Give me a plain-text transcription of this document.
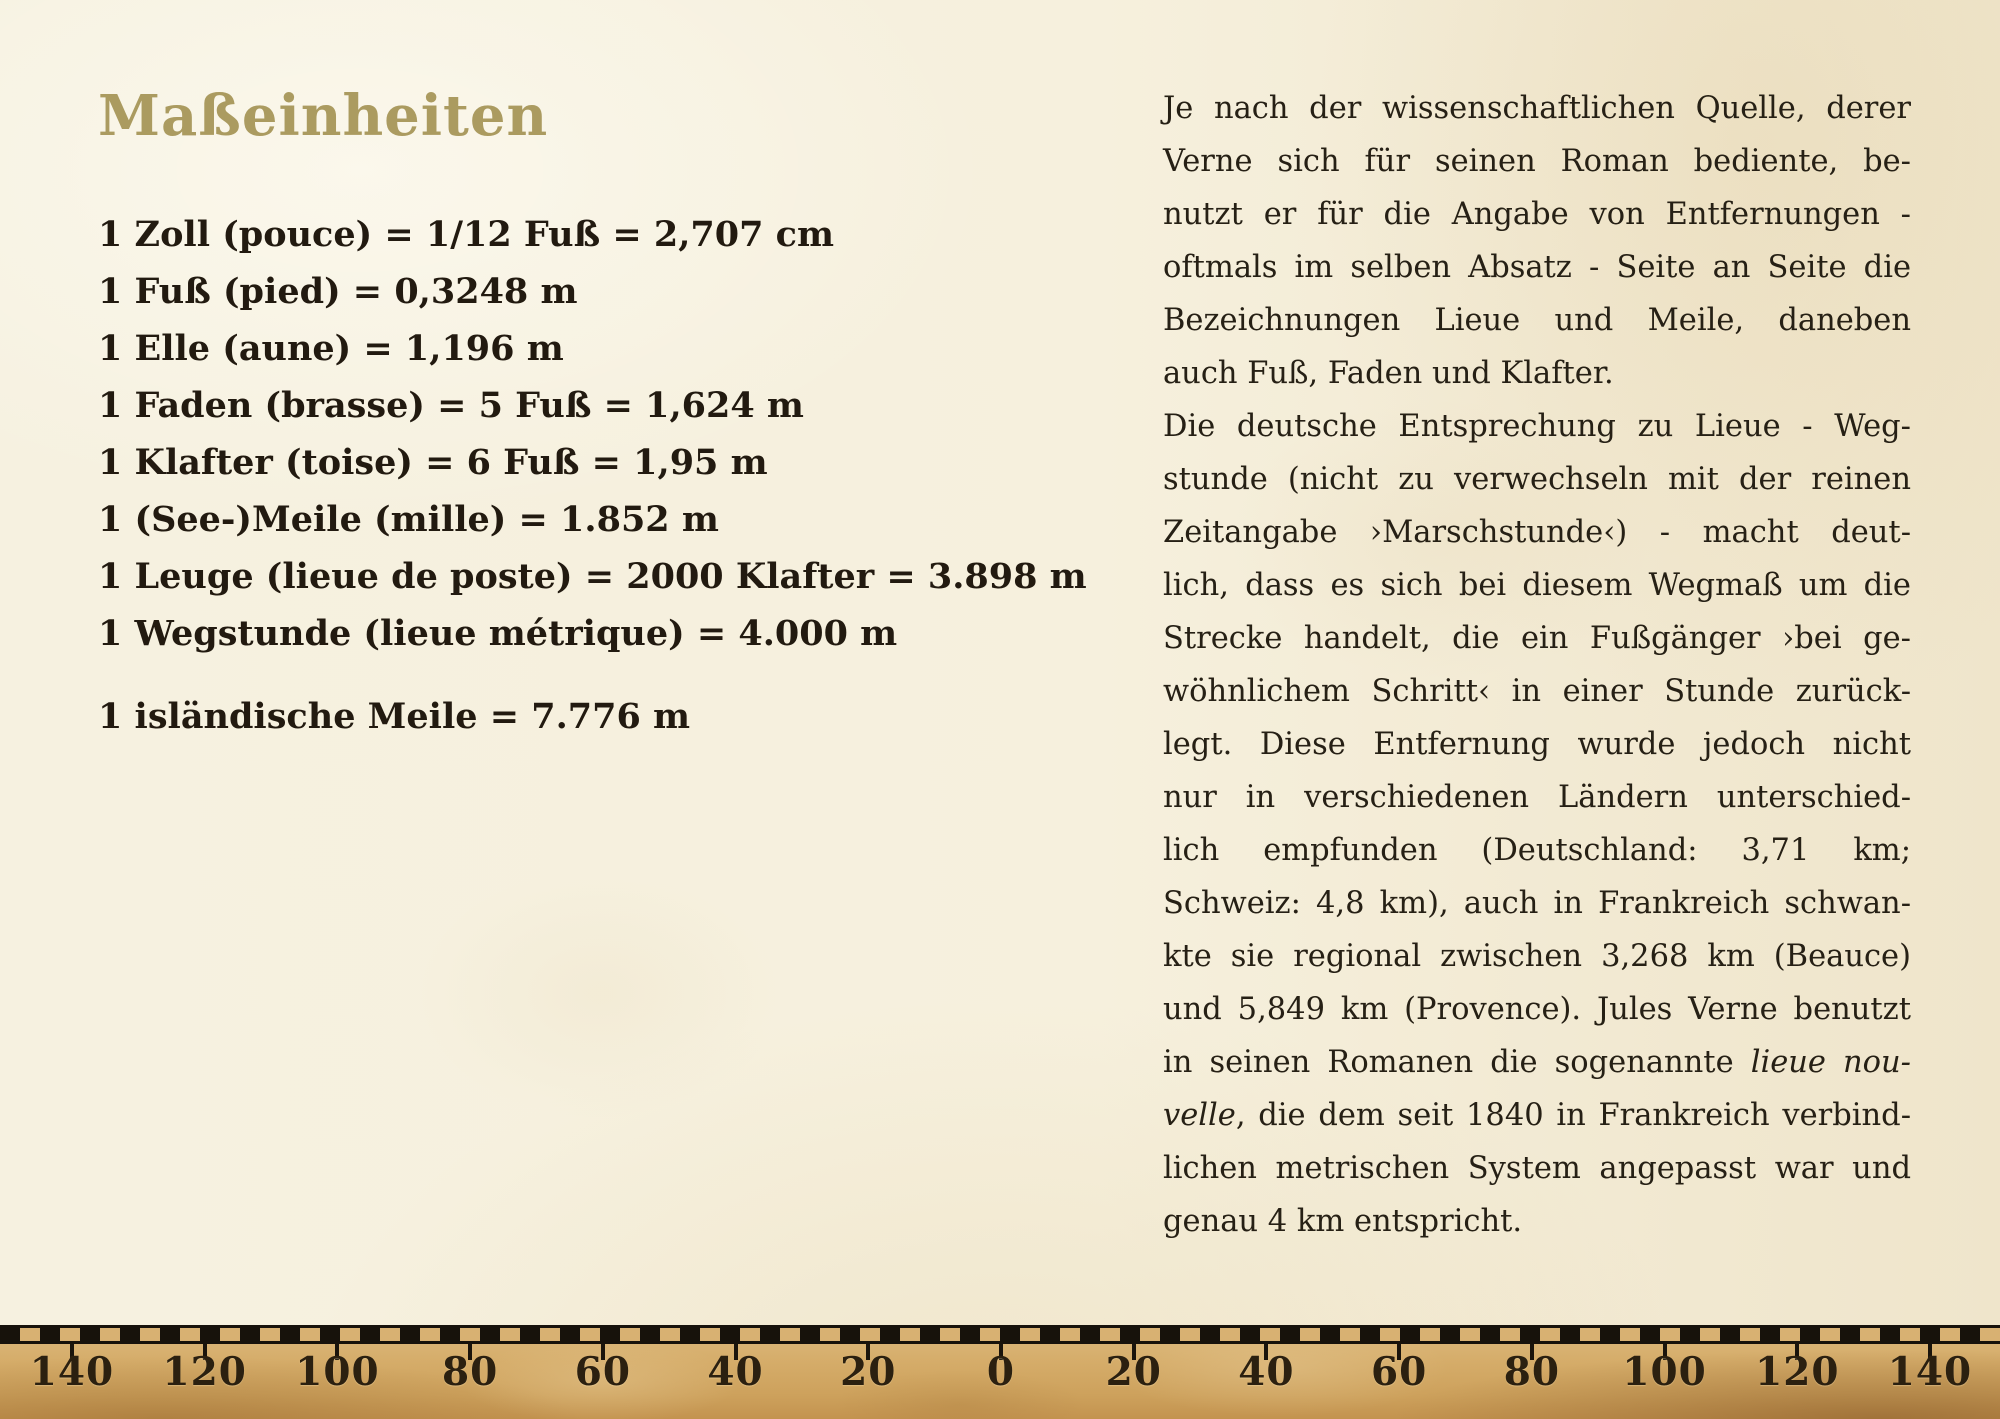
Maßeinheiten
1 Zoll (pouce) = 1/12 Fuß = 2,707 cm
1 Fuß (pied) = 0,3248 m
1 Elle (aune) = 1,196 m
1 Faden (brasse) = 5 Fuß = 1,624 m
1 Klafter (toise) = 6 Fuß = 1,95 m
1 (See-)Meile (mille) = 1.852 m
1 Leuge (lieue de poste) = 2000 Klafter = 3.898 m
1 Wegstunde (lieue métrique) = 4.000 m
1 isländische Meile = 7.776 m
Je nach der wissenschaftlichen Quelle, derer
Verne sich für seinen Roman bediente, be-
nutzt er für die Angabe von Entfernungen -
oftmals im selben Absatz - Seite an Seite die
Bezeichnungen Lieue und Meile, daneben
auch Fuß, Faden und Klafter.
Die deutsche Entsprechung zu Lieue - Weg-
stunde (nicht zu verwechseln mit der reinen
Zeitangabe ›Marschstunde‹) - macht deut-
lich, dass es sich bei diesem Wegmaß um die
Strecke handelt, die ein Fußgänger ›bei ge-
wöhnlichem Schritt‹ in einer Stunde zurück-
legt. Diese Entfernung wurde jedoch nicht
nur in verschiedenen Ländern unterschied-
lich empfunden (Deutschland: 3,71 km;
Schweiz: 4,8 km), auch in Frankreich schwan-
kte sie regional zwischen 3,268 km (Beauce)
und 5,849 km (Provence). Jules Verne benutzt
in seinen Romanen die sogenannte lieue nou-
velle, die dem seit 1840 in Frankreich verbind-
lichen metrischen System angepasst war und
genau 4 km entspricht.
140	120	100	80	60	40	20	0	20	40	60	80	100	120	140
